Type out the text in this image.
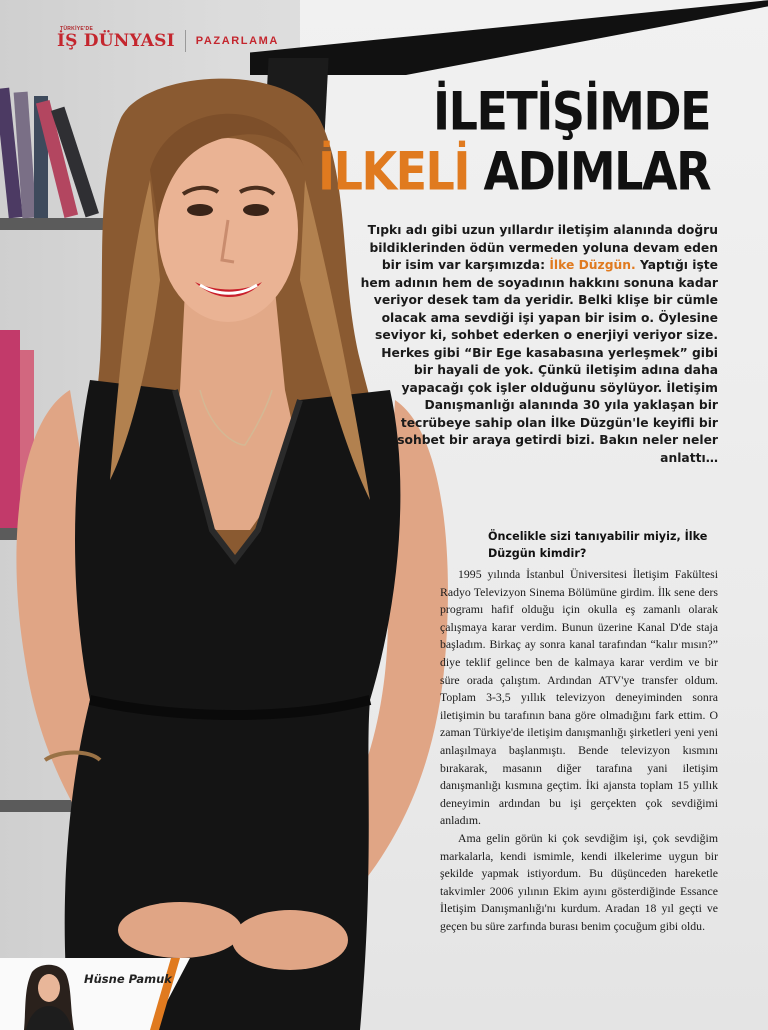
TÜRKİYE'DE
İŞ DÜNYASI PAZARLAMA
İLETİŞİMDE
İLKELİ ADIMLAR
Tıpkı adı gibi uzun yıllardır iletişim alanında doğru bildiklerinden ödün vermeden yoluna devam eden bir isim var karşımızda: İlke Düzgün. Yaptığı işte hem adının hem de soyadının hakkını sonuna kadar veriyor desek tam da yeridir. Belki klişe bir cümle olacak ama sevdiği işi yapan bir isim o. Öylesine seviyor ki, sohbet ederken o enerjiyi veriyor size. Herkes gibi “Bir Ege kasabasına yerleşmek” gibi bir hayali de yok. Çünkü iletişim adına daha yapacağı çok işler olduğunu söylüyor. İletişim Danışmanlığı alanında 30 yıla yaklaşan bir tecrübeye sahip olan İlke Düzgün'le keyifli bir sohbet bir araya getirdi bizi. Bakın neler neler anlattı…
Öncelikle sizi tanıyabilir miyiz, İlke Düzgün kimdir?

1995 yılında İstanbul Üniversitesi İletişim Fakültesi Radyo Televizyon Sinema Bölümüne girdim. İlk sene ders programı hafif olduğu için okulla eş zamanlı olarak çalışmaya karar verdim. Bunun üzerine Kanal D'de staja başladım. Birkaç ay sonra kanal tarafından “kalır mısın?” diye teklif gelince ben de kalmaya karar verdim ve bir süre orada çalıştım. Ardından ATV'ye transfer oldum. Toplam 3-3,5 yıllık televizyon deneyiminden sonra iletişimin bu tarafının bana göre olmadığını fark ettim. O zaman Türkiye'de iletişim danışmanlığı şirketleri yeni yeni anlaşılmaya başlanmıştı. Bende televizyon kısmını bırakarak, masanın diğer tarafına yani iletişim danışmanlığı kısmına geçtim. İki ajansta toplam 15 yıllık deneyimin ardından bu işi gerçekten çok sevdiğimi anladım.

Ama gelin görün ki çok sevdiğim işi, çok sevdiğim markalarla, kendi ismimle, kendi ilkelerime uygun bir şekilde yapmak istiyordum. Bu düşünceden hareketle takvimler 2006 yılının Ekim ayını gösterdiğinde Essance İletişim Danışmanlığı'nı kurdum. Aradan 18 yıl geçti ve geçen bu süre zarfında burası benim çocuğum gibi oldu.

Hüsne Pamuk
